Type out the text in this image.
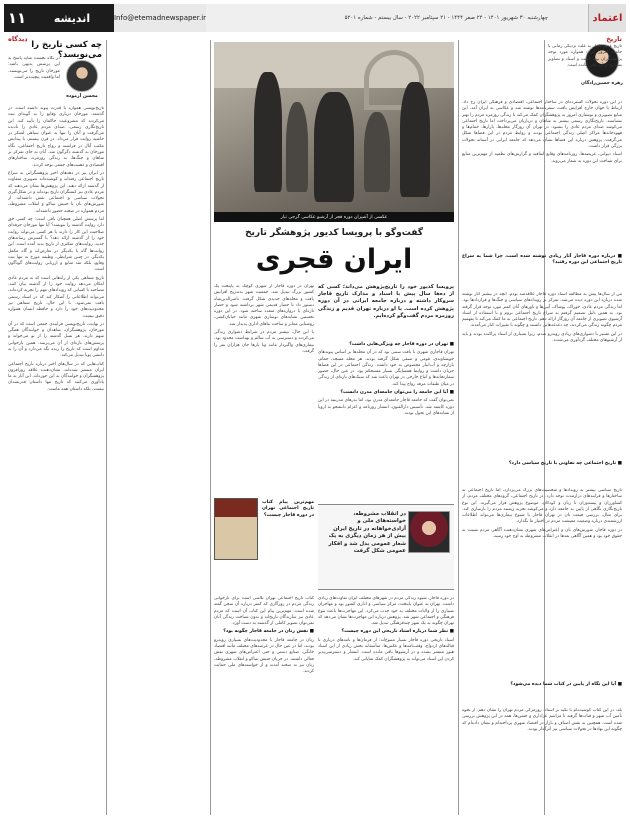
۱۱	اندیشه	Info@etemadnewspaper.ir	چهارشنبه ۳۰ شهریور ۱۴۰۱ - ۲۴ صفر ۱۴۴۴ - ۲۱ سپتامبر ۲۰۲۲ - سال بیستم - شماره ۵۲۰۱	اعتماد
تاریخ
دیدگاه
زهره حسین‌زادگان

تاریخ عصر قاجار به علت نزدیکی زمانی با جامعه امروز ایران همواره مورد توجه پژوهشگران بوده است و اسناد و تصاویر بسیاری از آن باقی مانده است.

در این دوره تحولات گسترده‌ای در ساختار اجتماعی، اقتصادی و فرهنگی ایران رخ داد. ارتباط با جهان خارج افزایش یافت، سفرنامه‌ها نوشته شد و عکاسی به ایران آمد. این منابع تصویری و نوشتاری امروز به پژوهشگران کمک می‌کند تا زندگی روزمره مردم را بهتر بشناسند. تاریخ‌نگاری رسمی بیشتر به شاهان و درباریان می‌پرداخت اما تاریخ اجتماعی می‌کوشد صدای مردم عادی را بشنود. در تهران آن روزگار محله‌ها، بازارها، حمام‌ها و قهوه‌خانه‌ها مراکز اصلی زندگی اجتماعی بودند و روابط مردم در این فضاها شکل می‌گرفت. پژوهش درباره این فضاها نشان می‌دهد که جامعه ایرانی در آستانه تحولات بزرگی قرار داشت.

اسناد دیوانی، عریضه‌ها، روزنامه‌های وقایع اتفاقیه و گزارش‌های نظمیه از مهم‌ترین منابع برای شناخت این دوره به شمار می‌روند.

■ درباره دوره قاجار آثار زیادی نوشته شده است، چرا شما به سراغ تاریخ اجتماعی این دوره رفتید؟

من از سال‌ها پیش به مطالعه اسناد دوره قاجار علاقه‌مند بودم. آنچه در بیشتر آثار نوشته شده درباره این دوره دیده می‌شد، تمرکز بر رویدادهای سیاسی و جنگ‌ها و قراردادها بود. اما زندگی مردم عادی، خوراک، پوشاک، آیین‌ها و باورهای آنان کمتر مورد توجه قرار گرفته بود. به همین دلیل تصمیم گرفتم به سراغ تاریخ اجتماعی بروم و با استفاده از اسناد آرشیوی تصویری از جامعه آن روزگار ارائه دهم. تاریخ اجتماعی به ما کمک می‌کند تا بفهمیم مردم چگونه زندگی می‌کردند، چه دغدغه‌هایی داشتند و چگونه با تغییرات کنار می‌آمدند.

در این مسیر با دشواری‌های زیادی روبه‌رو شدم، زیرا بسیاری از اسناد پراکنده بودند و باید از آرشیوهای مختلف گردآوری می‌شدند.

■ تاریخ اجتماعی چه تفاوتی با تاریخ سیاسی دارد؟

تاریخ سیاسی بیشتر به رویدادها و شخصیت‌های بزرگ می‌پردازد، اما تاریخ اجتماعی به ساختارها و فرایندهای درازمدت توجه دارد. در تاریخ اجتماعی، گروه‌های مختلف مردم، از کشاورزان و پیشه‌وران تا زنان و کودکان، موضوع پژوهش قرار می‌گیرند. این نوع تاریخ‌نگاری نگاهی از پایین به جامعه دارد و می‌کوشد تجربه زیسته مردم را بازسازی کند. برای مثال، بررسی قیمت نان در تهران قاجار یا شیوع بیماری‌ها می‌تواند اطلاعات ارزشمندی درباره وضعیت معیشت مردم در اختیار ما بگذارد.

در دوره قاجار، شورش‌های نان و اعتراض‌های شهری نشان‌دهنده آگاهی مردم نسبت به حقوق خود بود و همین آگاهی بعدها در انقلاب مشروطه به اوج خود رسید.

■ آیا این نگاه از پایین در کتاب شما دیده می‌شود؟

بله، در این کتاب کوشیده‌ام با تکیه بر اسناد، روزمرگی مردم تهران را نشان دهم. از نحوه تأمین آب شهر و قنات‌ها گرفته تا مراسم عزاداری و جشن‌ها، همه در این پژوهش بررسی شده است. همچنین به نقش اصناف و بازار در اقتصاد شهری پرداخته‌ام و نشان داده‌ام که چگونه این نهادها در تحولات سیاسی نیز اثرگذار بودند.

عکسی از آشپزان دوره قجر از آرشیو عکاسی گرجی تبار
گفت‌وگو با پرویسا کدیور پژوهشگر تاریخ
ایران قجری
پرویسا کدیور خود را تاریخ‌پژوهش می‌داند؛ کسی که از ده‌ها سال پیش با اسناد و مدارک تاریخ قاجار سروکار داشته و درباره جامعه ایرانی در آن دوره پژوهش کرده است. با او درباره تهران قدیم و زندگی روزمره مردم گفت‌وگو کرده‌ایم.

تهران در دوره قاجار از شهری کوچک به پایتخت یک کشور بزرگ تبدیل شد. جمعیت شهر به‌تدریج افزایش یافت و محله‌های جدیدی شکل گرفت. ناصرالدین‌شاه دستور داد تا حصار قدیمی شهر برداشته شود و حصار تازه‌ای با دروازه‌های متعدد ساخته شود. در این دوره نخستین نشانه‌های نوسازی شهری مانند خیابان‌کشی، روشنایی معابر و ساخت بناهای اداری پدیدار شد.

با این حال، بیشتر مردم در شرایط دشواری زندگی می‌کردند و دسترسی به آب سالم و بهداشت محدود بود. بیماری‌های واگیردار مانند وبا بارها جان هزاران نفر را گرفت.

■ تهران در دوره قاجار چه ویژگی‌هایی داشت؟

تهران قاجاری شهری با بافت سنتی بود که در آن محله‌ها بر اساس پیوندهای خویشاوندی، قومی و صنفی شکل گرفته بودند. هر محله مسجد، حمام، بازارچه و آب‌انبار مخصوص به خود داشت. زندگی اجتماعی در این فضاها جریان داشت و روابط همسایگی بسیار مستحکم بود. در عین حال، حضور سفارتخانه‌ها و اتباع خارجی در تهران باعث شد که سبک‌های تازه‌ای از زندگی در میان طبقات مرفه رواج پیدا کند.

■ آیا این جامعه را می‌توان جامعه‌ای مدرن دانست؟

نمی‌توان گفت که جامعه قاجار جامعه‌ای مدرن بود، اما بذرهای مدرنیته در این دوره کاشته شد. تأسیس دارالفنون، انتشار روزنامه و اعزام دانشجو به اروپا از نشانه‌های این تحول بودند.

در انقلاب مشروطه، خواسته‌های ملی و آزادی‌خواهانه در تاریخ ایران بیش از هر زمان دیگری به یک شعار عمومی بدل شد و افکار عمومی شکل گرفت

مهم‌ترین پیام کتاب تاریخ اجتماعی تهران در دوره قاجار چیست؟

کتاب تاریخ اجتماعی تهران تلاشی است برای بازخوانی زندگی مردم در روزگاری که کمتر درباره آن سخن گفته شده است. مهم‌ترین پیام این کتاب آن است که مردم عادی نیز سازندگان تاریخ‌اند و بدون شناخت زندگی آنان نمی‌توان تصویر کاملی از گذشته به دست آورد.

■ نقش زنان در جامعه قاجار چگونه بود؟

زنان در جامعه قاجار با محدودیت‌های بسیاری روبه‌رو بودند، اما در عین حال در عرصه‌های مختلف مانند اقتصاد خانگی، صنایع دستی و حتی اعتراض‌های شهری نقش فعالی داشتند. در جریان جنبش تنباکو و انقلاب مشروطه، زنان نیز به صحنه آمدند و از خواسته‌های ملی حمایت کردند.

در دوره قاجار، شیوه زندگی مردم در شهرهای مختلف ایران تفاوت‌های زیادی داشت. تهران به عنوان پایتخت، مرکز سیاسی و اداری کشور بود و مهاجران بسیاری را از ولایات مختلف به خود جذب می‌کرد. این مهاجرت‌ها باعث تنوع فرهنگی و اجتماعی شهر شد. پژوهش درباره این مهاجرت‌ها نشان می‌دهد که تهران چگونه به یک شهر چندفرهنگی تبدیل شد.

■ نظر شما درباره اسناد تاریخی این دوره چیست؟

اسناد تاریخی دوره قاجار بسیار متنوع‌اند: از فرمان‌ها و نامه‌های درباری تا قباله‌های ازدواج، وقف‌نامه‌ها و عکس‌ها. متأسفانه بخش زیادی از این اسناد هنوز منتشر نشده و در آرشیوها باقی مانده است. انتشار و دسترسی‌پذیر کردن این اسناد می‌تواند به پژوهشگران کمک شایانی کند.

چه کسی تاریخ را می‌نویسد؟
محسن آزموده

در نگاه نخست شاید پاسخ به این پرسش بدیهی باشد: مورخان تاریخ را می‌نویسند. اما واقعیت پیچیده‌تر است.

تاریخ‌نویسی همواره با قدرت پیوند داشته است. در گذشته، مورخان درباری وقایع را به گونه‌ای ثبت می‌کردند که مشروعیت حاکمان را تأیید کند. این تاریخ‌نگاری رسمی، صدای مردم عادی را نادیده می‌گرفت و آنان را تنها به عنوان سیاهی لشکر در حاشیه روایت قرار می‌داد. در قرن بیستم، با پیدایش مکتب آنال در فرانسه و رواج تاریخ اجتماعی، نگاه مورخان به گذشته دگرگون شد. آنان به جای تمرکز بر شاهان و جنگ‌ها، به زندگی روزمره، ساختارهای اقتصادی و ذهنیت‌های جمعی توجه کردند.

در ایران نیز در دهه‌های اخیر پژوهشگرانی به سراغ تاریخ اجتماعی رفته‌اند و کوشیده‌اند تصویری متفاوت از گذشته ارائه دهند. این پژوهش‌ها نشان می‌دهند که مردم عادی نیز کنشگران تاریخ بوده‌اند و در شکل‌گیری تحولات سیاسی و اجتماعی نقش داشته‌اند. از شورش‌های نان تا جنبش تنباکو و انقلاب مشروطه، مردم همواره در صحنه حضور داشته‌اند.

اما پرسش اصلی همچنان باقی است: چه کسی حق دارد روایت گذشته را بنویسد؟ آیا تنها مورخان حرفه‌ای صلاحیت این کار را دارند یا هر کسی می‌تواند روایت خود را از گذشته ارائه دهد؟ با گسترش رسانه‌های جدید، روایت‌های متکثری از تاریخ پدید آمده است. این روایت‌ها گاه با یکدیگر در تعارض‌اند و گاه مکمل یکدیگر. در چنین شرایطی، وظیفه مورخ نه تنها ثبت وقایع، بلکه نقد منابع و ارزیابی روایت‌های گوناگون است.

تاریخ شفاهی یکی از راه‌هایی است که به مردم عادی امکان می‌دهد روایت خود را از گذشته بیان کنند. مصاحبه با کسانی که رویدادهای مهم را تجربه کرده‌اند، می‌تواند اطلاعاتی را آشکار کند که در اسناد رسمی یافت نمی‌شود. با این حال، تاریخ شفاهی نیز محدودیت‌های خود را دارد و حافظه انسان همواره دقیق نیست.

در نهایت، تاریخ‌نویسی فرایندی جمعی است که در آن مورخان، پژوهشگران، شاهدان و خوانندگان همگی سهم دارند. هر نسل گذشته را از نو می‌خواند و پرسش‌های تازه‌ای از آن می‌پرسد. همین بازخوانی مداوم است که تاریخ را زنده نگه می‌دارد و آن را به دانشی پویا تبدیل می‌کند.

کتاب‌هایی که در سال‌های اخیر درباره تاریخ اجتماعی ایران منتشر شده‌اند، نشان‌دهنده علاقه روزافزون پژوهشگران و خوانندگان به این حوزه‌اند. این آثار به ما یادآوری می‌کنند که تاریخ تنها داستان قدرتمندان نیست، بلکه داستان همه ماست.
